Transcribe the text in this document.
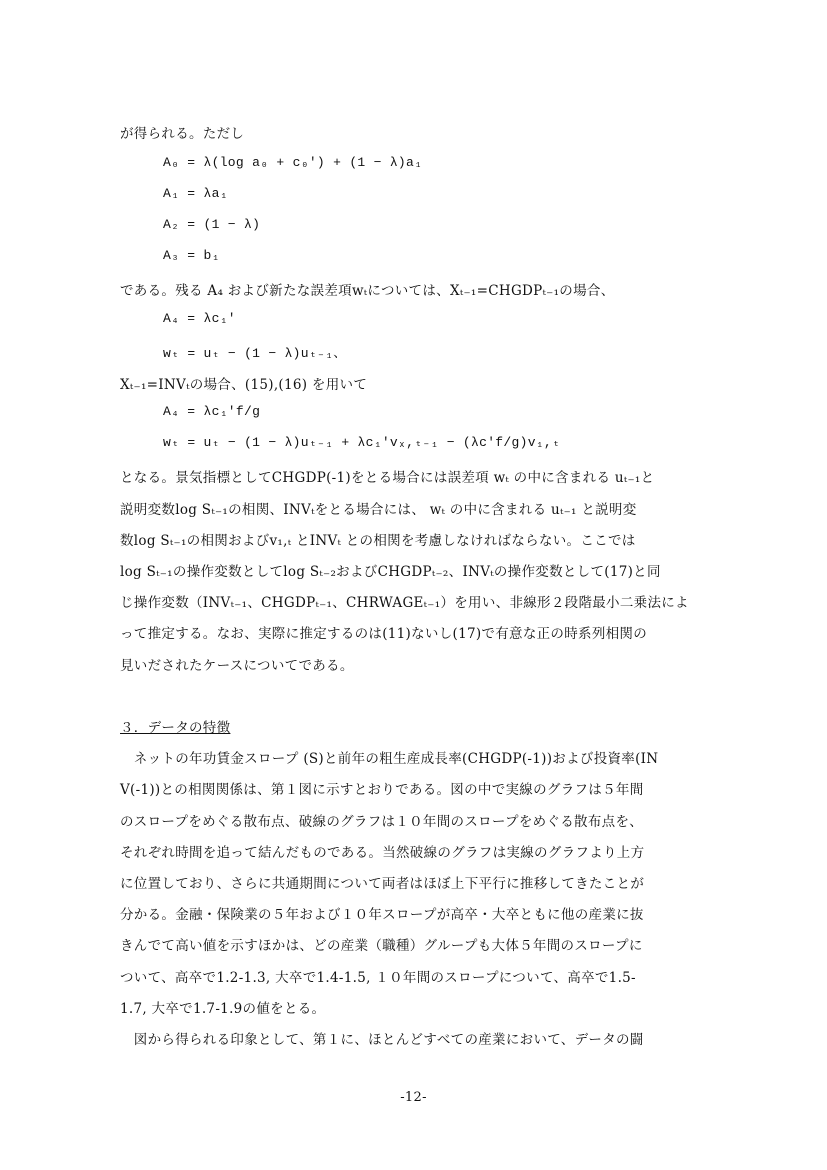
が得られる。ただし
A₀ = λ(log a₀ + c₀') + (1 − λ)a₁
A₁ = λa₁
A₂ = (1 − λ)
A₃ = b₁
である。残る A₄ および新たな誤差項wₜについては、Xₜ₋₁=CHGDPₜ₋₁の場合、
A₄ = λc₁'
wₜ = uₜ − (1 − λ)uₜ₋₁、
Xₜ₋₁=INVₜの場合、(15),(16) を用いて
A₄ = λc₁'f/g
wₜ = uₜ − (1 − λ)uₜ₋₁ + λc₁'vₓ,ₜ₋₁ − (λc'f/g)v₁,ₜ
となる。景気指標としてCHGDP(-1)をとる場合には誤差項 wₜ の中に含まれる uₜ₋₁と
説明変数log Sₜ₋₁の相関、INVₜをとる場合には、 wₜ の中に含まれる uₜ₋₁ と説明変
数log Sₜ₋₁の相関およびv₁,ₜ とINVₜ との相関を考慮しなければならない。ここでは
log Sₜ₋₁の操作変数としてlog Sₜ₋₂およびCHGDPₜ₋₂、INVₜの操作変数として(17)と同
じ操作変数（INVₜ₋₁、CHGDPₜ₋₁、CHRWAGEₜ₋₁）を用い、非線形２段階最小二乗法によ
って推定する。なお、実際に推定するのは(11)ないし(17)で有意な正の時系列相関の
見いだされたケースについてである。
３．データの特徴
　ネットの年功賃金スロープ (S)と前年の粗生産成長率(CHGDP(-1))および投資率(IN
V(-1))との相関関係は、第１図に示すとおりである。図の中で実線のグラフは５年間
のスロープをめぐる散布点、破線のグラフは１０年間のスロープをめぐる散布点を、
それぞれ時間を追って結んだものである。当然破線のグラフは実線のグラフより上方
に位置しており、さらに共通期間について両者はほぼ上下平行に推移してきたことが
分かる。金融・保険業の５年および１０年スロープが高卒・大卒ともに他の産業に抜
きんでて高い値を示すほかは、どの産業（職種）グループも大体５年間のスロープに
ついて、高卒で1.2-1.3, 大卒で1.4-1.5, １０年間のスロープについて、高卒で1.5-
1.7, 大卒で1.7-1.9の値をとる。
　図から得られる印象として、第１に、ほとんどすべての産業において、データの闘
-12-
